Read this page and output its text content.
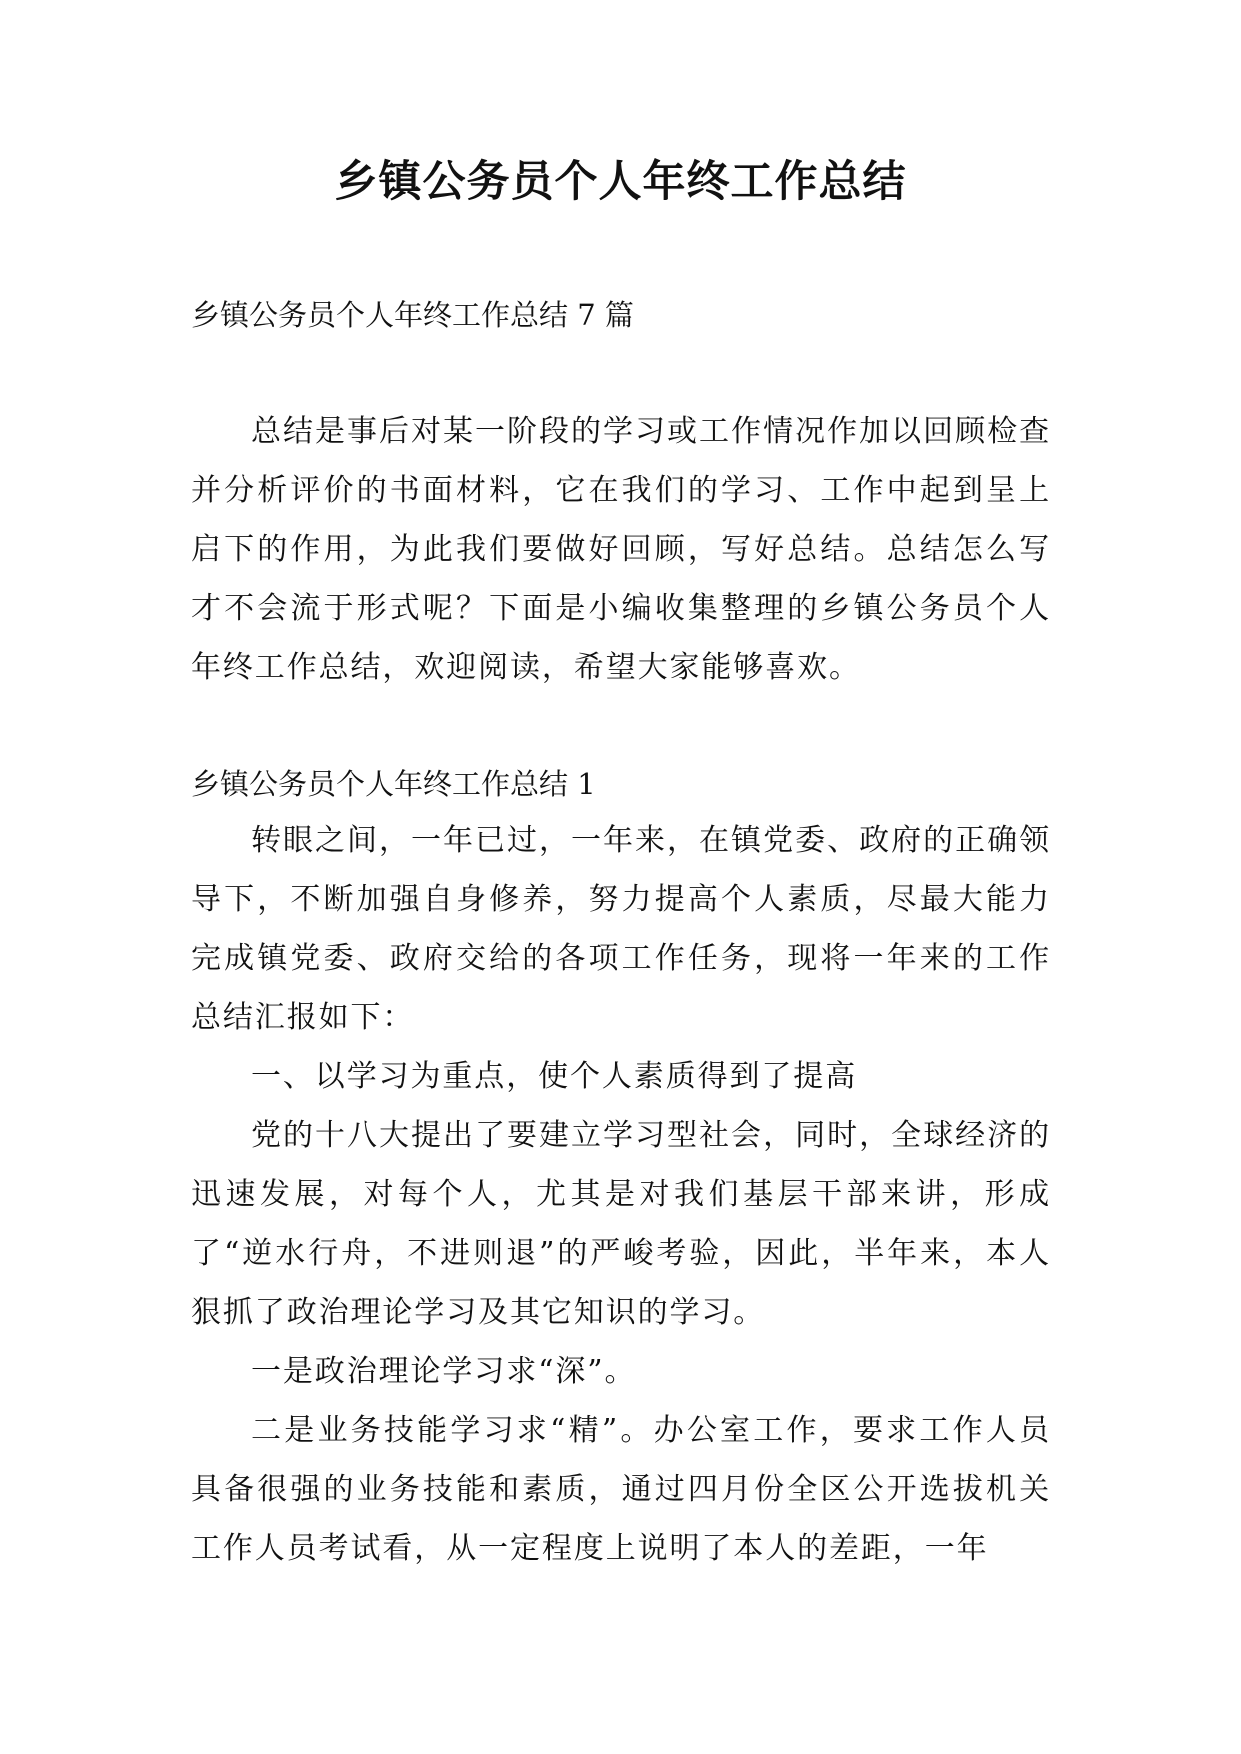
乡镇公务员个人年终工作总结

乡镇公务员个人年终工作总结 7 篇

总结是事后对某一阶段的学习或工作情况作加以回顾检查并分析评价的书面材料，它在我们的学习、工作中起到呈上启下的作用，为此我们要做好回顾，写好总结。总结怎么写才不会流于形式呢？下面是小编收集整理的乡镇公务员个人年终工作总结，欢迎阅读，希望大家能够喜欢。

乡镇公务员个人年终工作总结 1

转眼之间，一年已过，一年来，在镇党委、政府的正确领导下，不断加强自身修养，努力提高个人素质，尽最大能力完成镇党委、政府交给的各项工作任务，现将一年来的工作总结汇报如下：

一、以学习为重点，使个人素质得到了提高

党的十八大提出了要建立学习型社会，同时，全球经济的迅速发展，对每个人，尤其是对我们基层干部来讲，形成了“逆水行舟，不进则退”的严峻考验，因此，半年来，本人狠抓了政治理论学习及其它知识的学习。

一是政治理论学习求“深”。

二是业务技能学习求“精”。办公室工作，要求工作人员具备很强的业务技能和素质，通过四月份全区公开选拔机关工作人员考试看，从一定程度上说明了本人的差距，一年
